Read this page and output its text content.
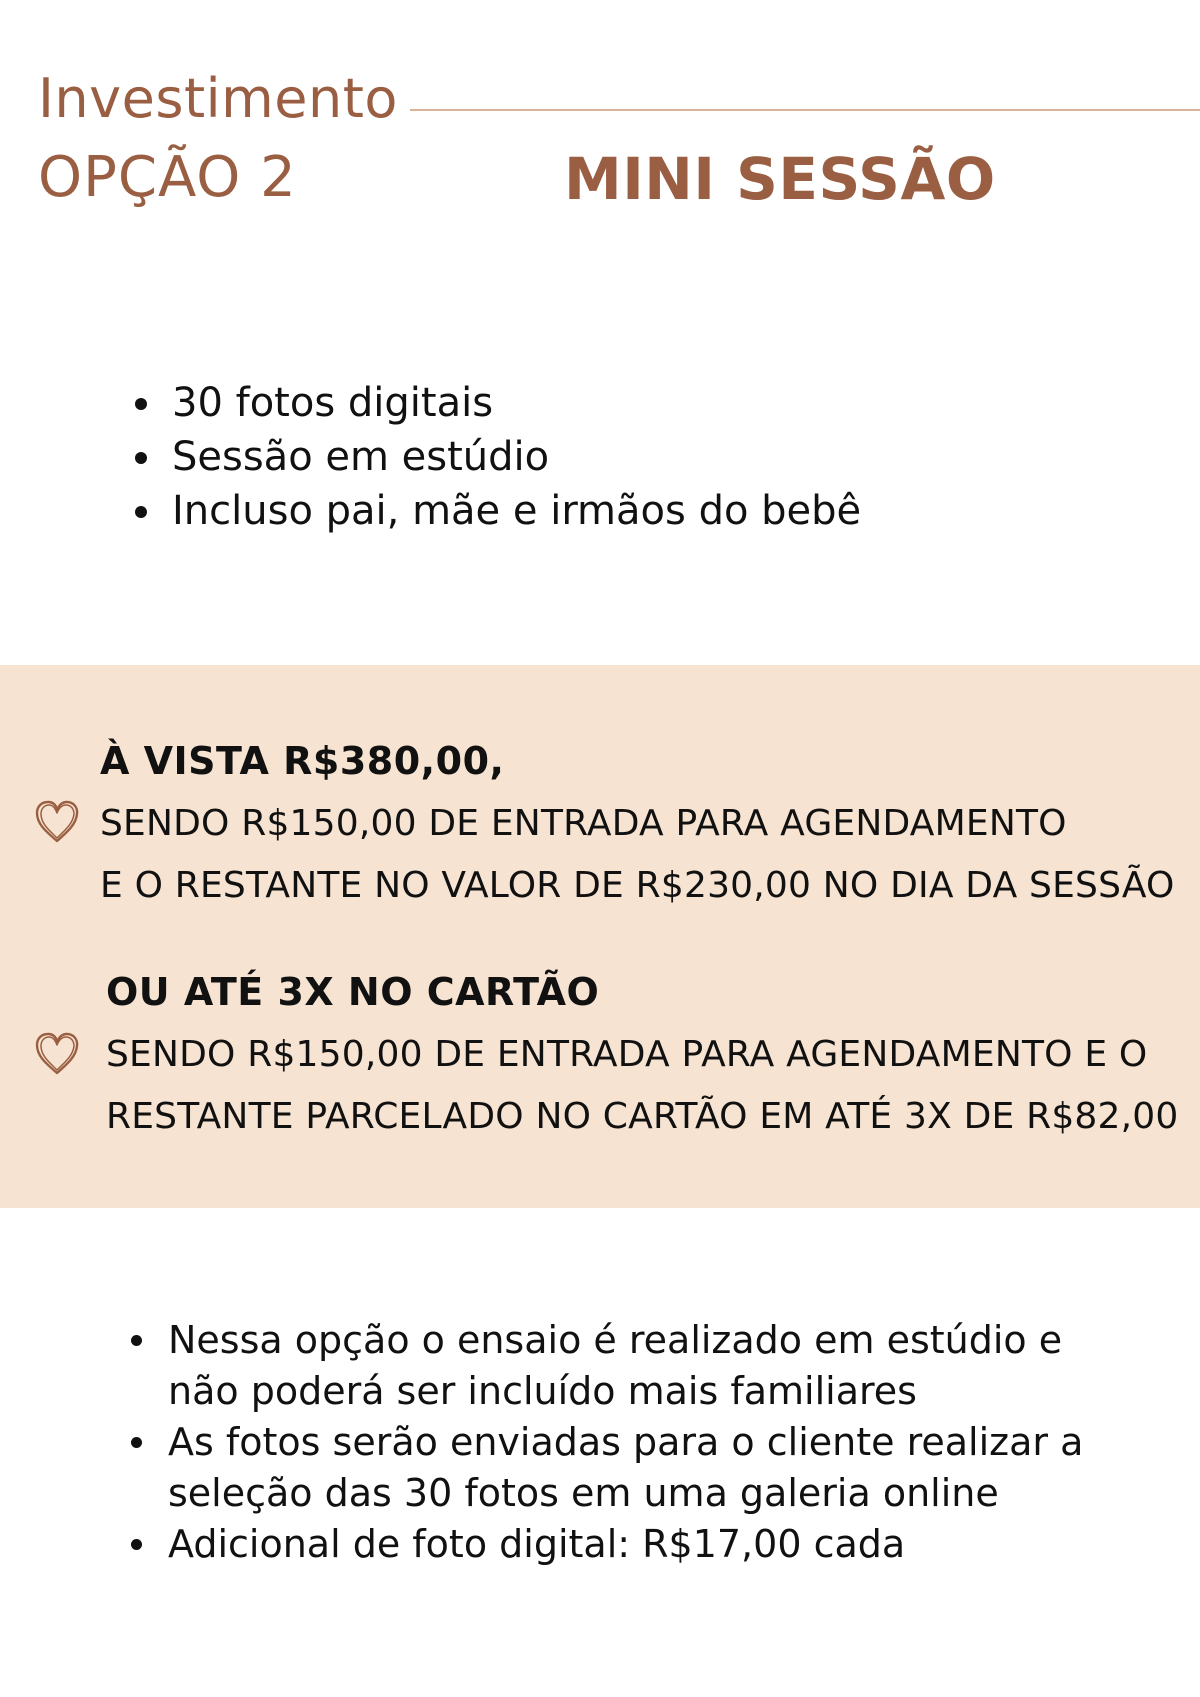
Investimento
OPÇÃO 2	MINI SESSÃO
30 fotos digitais
Sessão em estúdio
Incluso pai, mãe e irmãos do bebê
À VISTA R$380,00,
SENDO R$150,00 DE ENTRADA PARA AGENDAMENTO
E O RESTANTE NO VALOR DE R$230,00 NO DIA DA SESSÃO
OU ATÉ 3X NO CARTÃO
SENDO R$150,00 DE ENTRADA PARA AGENDAMENTO E O
RESTANTE PARCELADO NO CARTÃO EM ATÉ 3X DE R$82,00
Nessa opção o ensaio é realizado em estúdio e não poderá ser incluído mais familiares
As fotos serão enviadas para o cliente realizar a seleção das 30 fotos em uma galeria online
Adicional de foto digital: R$17,00 cada
